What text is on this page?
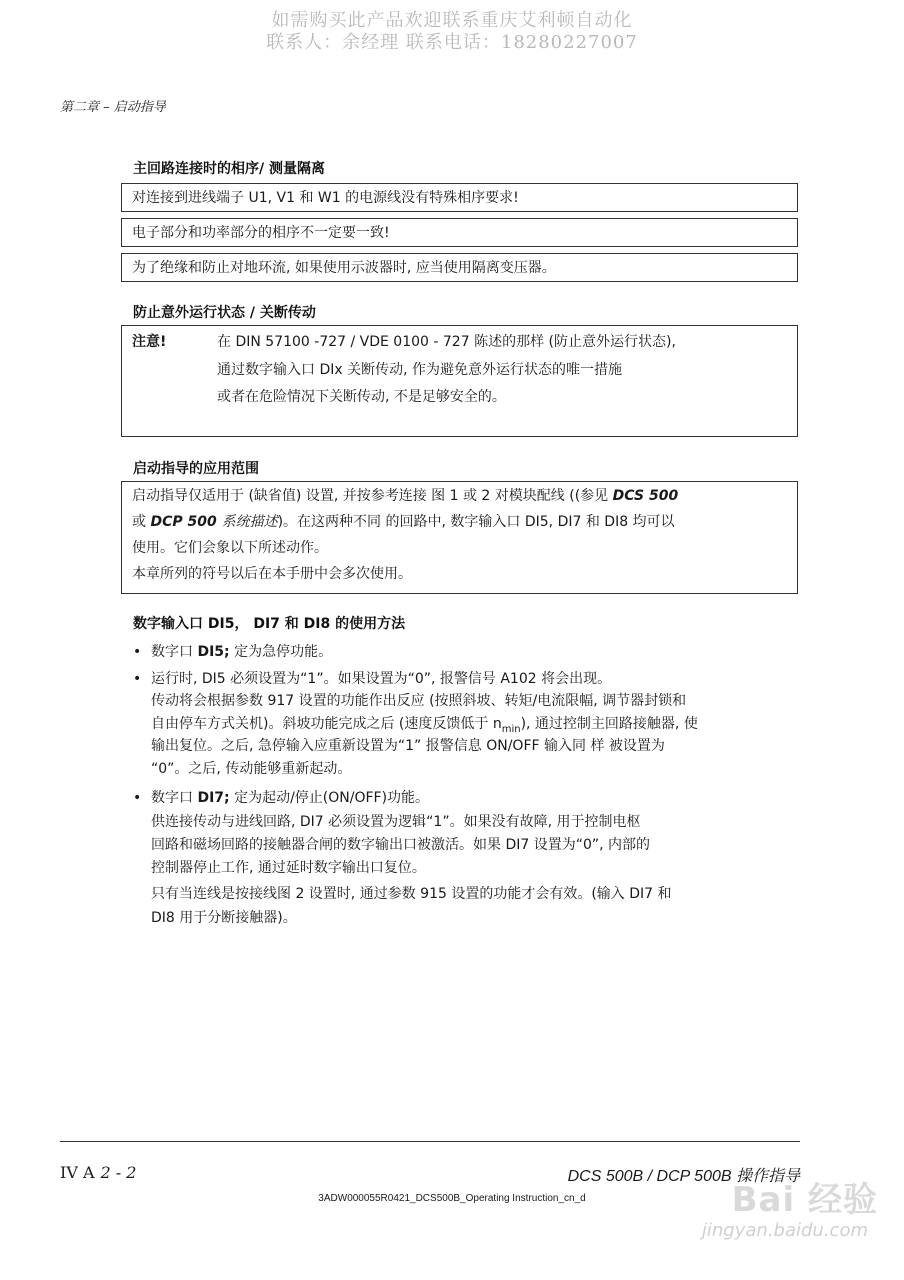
如需购买此产品欢迎联系重庆艾利顿自动化
联系人：余经理 联系电话：18280227007
第二章 – 启动指导
主回路连接时的相序/ 测量隔离
对连接到进线端子 U1, V1 和 W1 的电源线没有特殊相序要求!
电子部分和功率部分的相序不一定要一致!
为了绝缘和防止对地环流, 如果使用示波器时, 应当使用隔离变压器。
防止意外运行状态 / 关断传动
注意!	在 DIN 57100 -727 / VDE 0100 - 727 陈述的那样 (防止意外运行状态),
通过数字输入口 DIx 关断传动, 作为避免意外运行状态的唯一措施
或者在危险情况下关断传动, 不是足够安全的。
启动指导的应用范围
启动指导仅适用于 (缺省值) 设置, 并按参考连接 图 1 或 2 对模块配线 ((参见 DCS 500
或 DCP 500 系统描述)。在这两种不同 的回路中, 数字输入口 DI5, DI7 和 DI8 均可以
使用。它们会象以下所述动作。
本章所列的符号以后在本手册中会多次使用。
数字输入口 DI5， DI7 和 DI8 的使用方法
• 数字口 DI5; 定为急停功能。
• 运行时, DI5 必须设置为“1”。如果设置为“0”, 报警信号 A102 将会出现。
传动将会根据参数 917 设置的功能作出反应 (按照斜坡、转矩/电流限幅, 调节器封锁和
自由停车方式关机)。斜坡功能完成之后 (速度反馈低于 $n_{min}$), 通过控制主回路接触器, 使
输出复位。之后, 急停输入应重新设置为“1” 报警信息 ON/OFF 输入同 样 被设置为
“0”。之后, 传动能够重新起动。
• 数字口 DI7; 定为起动/停止(ON/OFF)功能。
供连接传动与进线回路, DI7 必须设置为逻辑“1”。如果没有故障, 用于控制电枢
回路和磁场回路的接触器合闸的数字输出口被激活。如果 DI7 设置为“0”, 内部的
控制器停止工作, 通过延时数字输出口复位。
只有当连线是按接线图 2 设置时, 通过参数 915 设置的功能才会有效。(输入 DI7 和
DI8 用于分断接触器)。
IV A 2 - 2	DCS 500B / DCP 500B 操作指导
3ADW000055R0421_DCS500B_Operating Instruction_cn_d	Bai 经验
jingyan.baidu.com
